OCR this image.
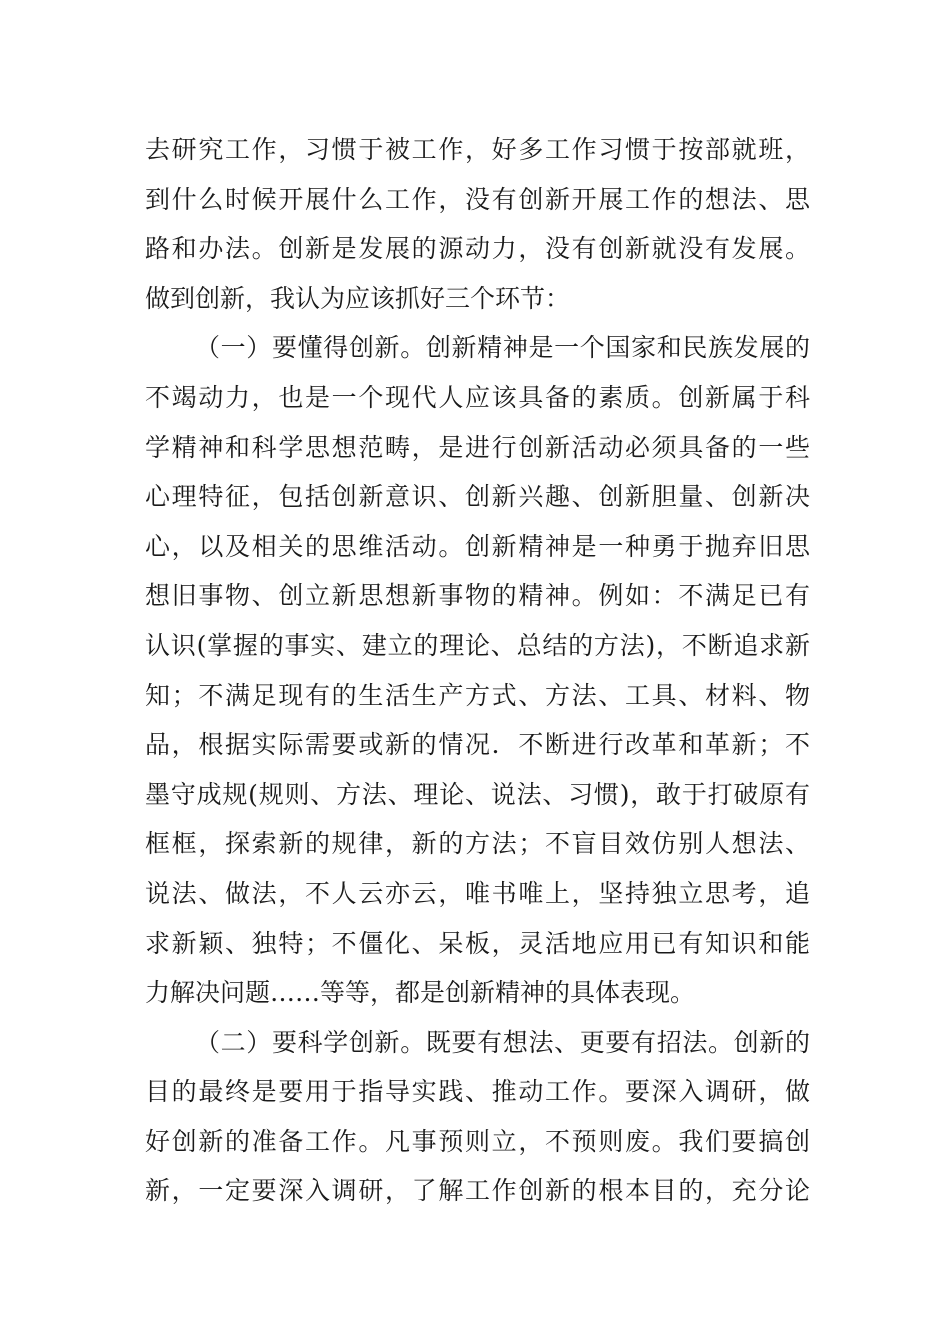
去研究工作，习惯于被工作，好多工作习惯于按部就班，
到什么时候开展什么工作，没有创新开展工作的想法、思
路和办法。创新是发展的源动力，没有创新就没有发展。
做到创新，我认为应该抓好三个环节：
（一）要懂得创新。创新精神是一个国家和民族发展的
不竭动力，也是一个现代人应该具备的素质。创新属于科
学精神和科学思想范畴，是进行创新活动必须具备的一些
心理特征，包括创新意识、创新兴趣、创新胆量、创新决
心，以及相关的思维活动。创新精神是一种勇于抛弃旧思
想旧事物、创立新思想新事物的精神。例如：不满足已有
认识(掌握的事实、建立的理论、总结的方法)，不断追求新
知；不满足现有的生活生产方式、方法、工具、材料、物
品，根据实际需要或新的情况．不断进行改革和革新；不
墨守成规(规则、方法、理论、说法、习惯)，敢于打破原有
框框，探索新的规律，新的方法；不盲目效仿别人想法、
说法、做法，不人云亦云，唯书唯上，坚持独立思考，追
求新颖、独特；不僵化、呆板，灵活地应用已有知识和能
力解决问题……等等，都是创新精神的具体表现。
（二）要科学创新。既要有想法、更要有招法。创新的
目的最终是要用于指导实践、推动工作。要深入调研，做
好创新的准备工作。凡事预则立，不预则废。我们要搞创
新，一定要深入调研，了解工作创新的根本目的，充分论
